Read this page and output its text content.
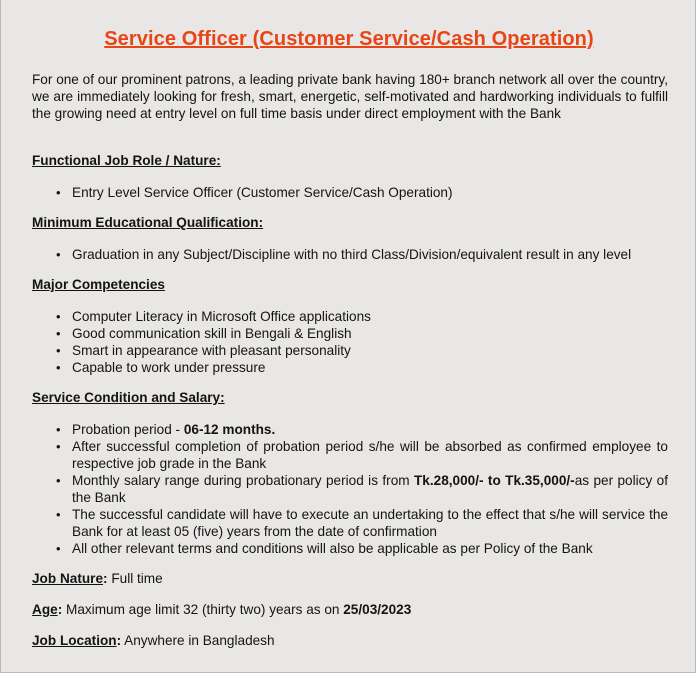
Service Officer (Customer Service/Cash Operation)

For one of our prominent patrons, a leading private bank having 180+ branch network all over the country, we are immediately looking for fresh, smart, energetic, self-motivated and hardworking individuals to fulfill the growing need at entry level on full time basis under direct employment with the Bank

Functional Job Role / Nature:
• Entry Level Service Officer (Customer Service/Cash Operation)
Minimum Educational Qualification:
• Graduation in any Subject/Discipline with no third Class/Division/equivalent result in any level
Major Competencies
• Computer Literacy in Microsoft Office applications
• Good communication skill in Bengali & English
• Smart in appearance with pleasant personality
• Capable to work under pressure
Service Condition and Salary:
• Probation period - 06-12 months.
• After successful completion of probation period s/he will be absorbed as confirmed employee to respective job grade in the Bank
• Monthly salary range during probationary period is from Tk.28,000/- to Tk.35,000/-as per policy of the Bank
• The successful candidate will have to execute an undertaking to the effect that s/he will service the Bank for at least 05 (five) years from the date of confirmation
• All other relevant terms and conditions will also be applicable as per Policy of the Bank
Job Nature: Full time
Age: Maximum age limit 32 (thirty two) years as on 25/03/2023
Job Location: Anywhere in Bangladesh
